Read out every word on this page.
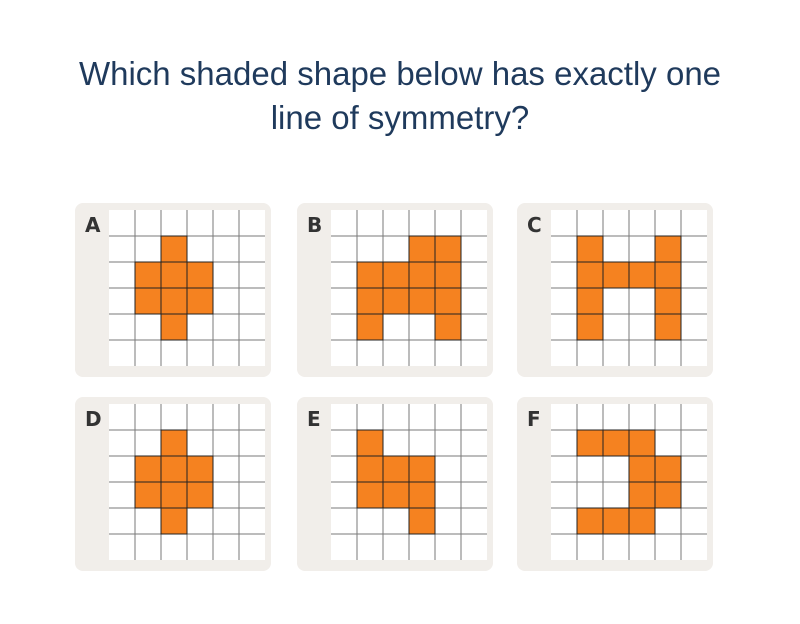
Which shaded shape below has exactly one
line of symmetry?
A	B	C
D	E	F
